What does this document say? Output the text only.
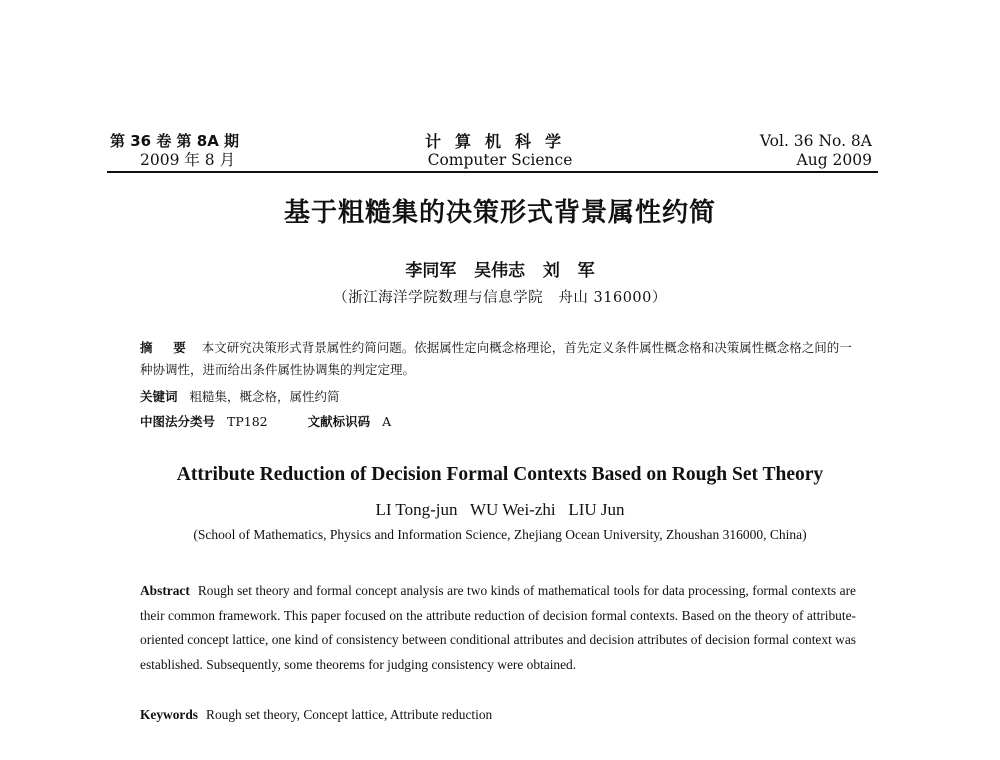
第 36 卷 第 8A 期
2009 年 8 月
计算机科学
Computer Science
Vol. 36 No. 8A
Aug 2009
基于粗糙集的决策形式背景属性约简
李同军   吴伟志   刘   军
（浙江海洋学院数理与信息学院   舟山 316000）
摘  要 本文研究决策形式背景属性约简问题。依据属性定向概念格理论，首先定义条件属性概念格和决策属性概念格之间的一种协调性，进而给出条件属性协调集的判定定理。
关键词 粗糙集，概念格，属性约简
中图法分类号 TP182	文献标识码 A
Attribute Reduction of Decision Formal Contexts Based on Rough Set Theory
LI Tong-jun   WU Wei-zhi   LIU Jun
(School of Mathematics, Physics and Information Science, Zhejiang Ocean University, Zhoushan 316000, China)
Abstract Rough set theory and formal concept analysis are two kinds of mathematical tools for data processing, formal contexts are their common framework. This paper focused on the attribute reduction of decision formal contexts. Based on the theory of attribute-oriented concept lattice, one kind of consistency between conditional attributes and decision attributes of decision formal context was established. Subsequently, some theorems for judging consistency were obtained.
Keywords Rough set theory, Concept lattice, Attribute reduction
